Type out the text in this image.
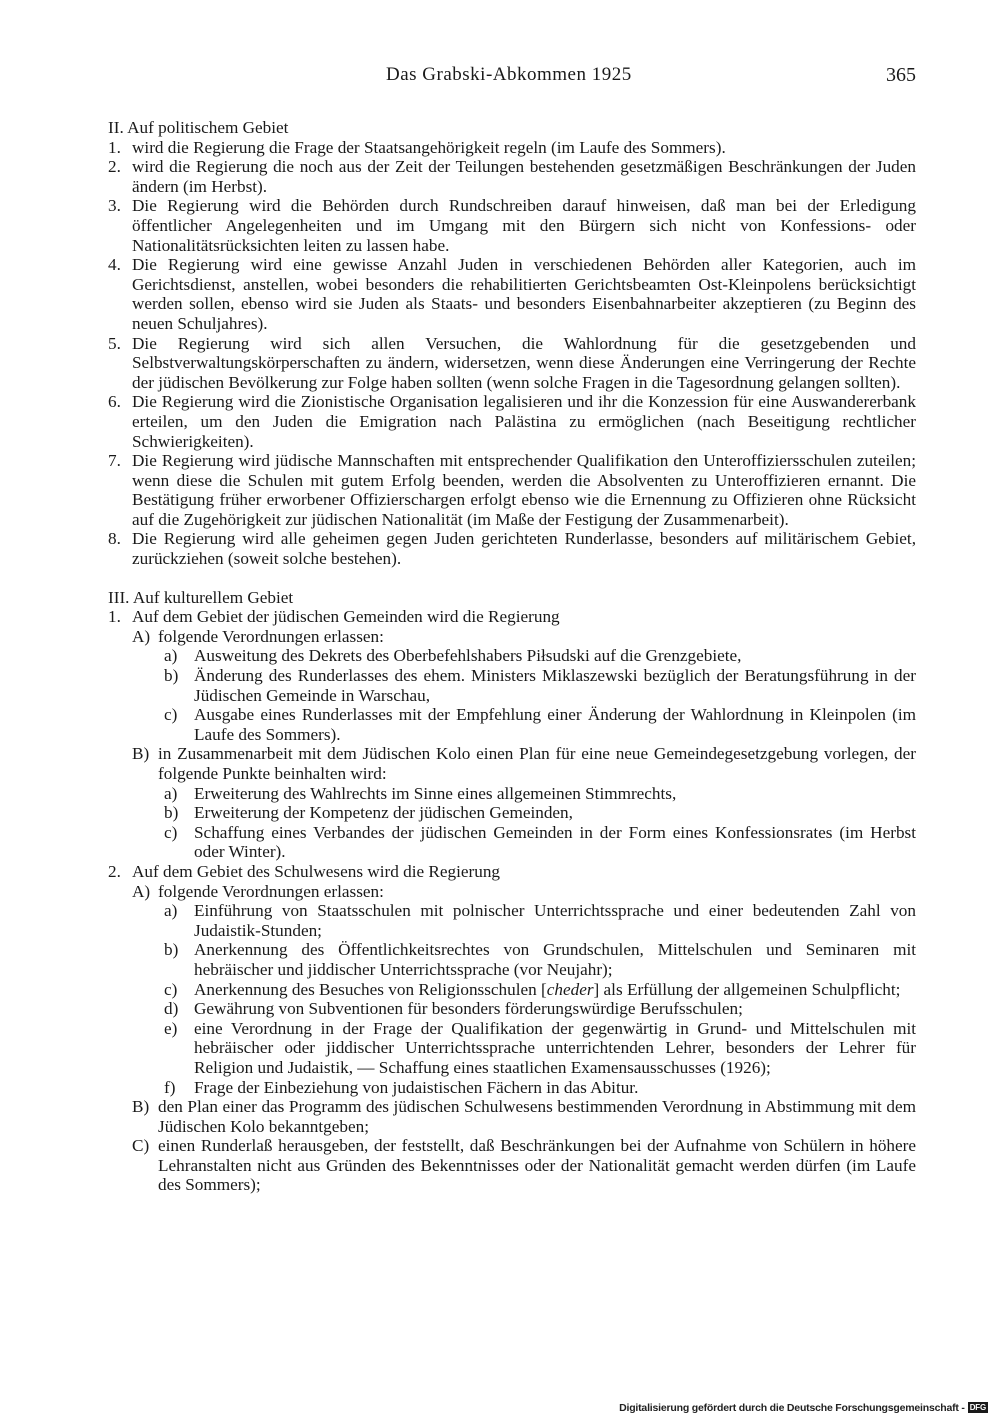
Das Grabski-Abkommen 1925	365

II. Auf politischem Gebiet

1. wird die Regierung die Frage der Staatsangehörigkeit regeln (im Laufe des Sommers).
2. wird die Regierung die noch aus der Zeit der Teilungen bestehenden gesetzmäßigen Beschränkungen der Juden ändern (im Herbst).
3. Die Regierung wird die Behörden durch Rundschreiben darauf hinweisen, daß man bei der Erledigung öffentlicher Angelegenheiten und im Umgang mit den Bürgern sich nicht von Konfessions- oder Nationalitätsrücksichten leiten zu lassen habe.
4. Die Regierung wird eine gewisse Anzahl Juden in verschiedenen Behörden aller Kategorien, auch im Gerichtsdienst, anstellen, wobei besonders die rehabilitierten Gerichtsbeamten Ost-Kleinpolens berücksichtigt werden sollen, ebenso wird sie Juden als Staats- und besonders Eisenbahnarbeiter akzeptieren (zu Beginn des neuen Schuljahres).
5. Die Regierung wird sich allen Versuchen, die Wahlordnung für die gesetzgebenden und Selbstverwaltungskörperschaften zu ändern, widersetzen, wenn diese Änderungen eine Verringerung der Rechte der jüdischen Bevölkerung zur Folge haben sollten (wenn solche Fragen in die Tagesordnung gelangen sollten).
6. Die Regierung wird die Zionistische Organisation legalisieren und ihr die Konzession für eine Auswandererbank erteilen, um den Juden die Emigration nach Palästina zu ermöglichen (nach Beseitigung rechtlicher Schwierigkeiten).
7. Die Regierung wird jüdische Mannschaften mit entsprechender Qualifikation den Unteroffiziersschulen zuteilen; wenn diese die Schulen mit gutem Erfolg beenden, werden die Absolventen zu Unteroffizieren ernannt. Die Bestätigung früher erworbener Offizierschargen erfolgt ebenso wie die Ernennung zu Offizieren ohne Rücksicht auf die Zugehörigkeit zur jüdischen Nationalität (im Maße der Festigung der Zusammenarbeit).
8. Die Regierung wird alle geheimen gegen Juden gerichteten Runderlasse, besonders auf militärischem Gebiet, zurückziehen (soweit solche bestehen).

III. Auf kulturellem Gebiet

1. Auf dem Gebiet der jüdischen Gemeinden wird die Regierung
A) folgende Verordnungen erlassen:
a) Ausweitung des Dekrets des Oberbefehlshabers Piłsudski auf die Grenzgebiete,
b) Änderung des Runderlasses des ehem. Ministers Miklaszewski bezüglich der Beratungsführung in der Jüdischen Gemeinde in Warschau,
c) Ausgabe eines Runderlasses mit der Empfehlung einer Änderung der Wahlordnung in Kleinpolen (im Laufe des Sommers).
B) in Zusammenarbeit mit dem Jüdischen Kolo einen Plan für eine neue Gemeindegesetzgebung vorlegen, der folgende Punkte beinhalten wird:
a) Erweiterung des Wahlrechts im Sinne eines allgemeinen Stimmrechts,
b) Erweiterung der Kompetenz der jüdischen Gemeinden,
c) Schaffung eines Verbandes der jüdischen Gemeinden in der Form eines Konfessionsrates (im Herbst oder Winter).
2. Auf dem Gebiet des Schulwesens wird die Regierung
A) folgende Verordnungen erlassen:
a) Einführung von Staatsschulen mit polnischer Unterrichtssprache und einer bedeutenden Zahl von Judaistik-Stunden;
b) Anerkennung des Öffentlichkeitsrechtes von Grundschulen, Mittelschulen und Seminaren mit hebräischer und jiddischer Unterrichtssprache (vor Neujahr);
c) Anerkennung des Besuches von Religionsschulen [cheder] als Erfüllung der allgemeinen Schulpflicht;
d) Gewährung von Subventionen für besonders förderungswürdige Berufsschulen;
e) eine Verordnung in der Frage der Qualifikation der gegenwärtig in Grund- und Mittelschulen mit hebräischer oder jiddischer Unterrichtssprache unterrichtenden Lehrer, besonders der Lehrer für Religion und Judaistik, — Schaffung eines staatlichen Examensausschusses (1926);
f) Frage der Einbeziehung von judaistischen Fächern in das Abitur.
B) den Plan einer das Programm des jüdischen Schulwesens bestimmenden Verordnung in Abstimmung mit dem Jüdischen Kolo bekanntgeben;
C) einen Runderlaß herausgeben, der feststellt, daß Beschränkungen bei der Aufnahme von Schülern in höhere Lehranstalten nicht aus Gründen des Bekenntnisses oder der Nationalität gemacht werden dürfen (im Laufe des Sommers);
Digitalisierung gefördert durch die Deutsche Forschungsgemeinschaft - DFG
